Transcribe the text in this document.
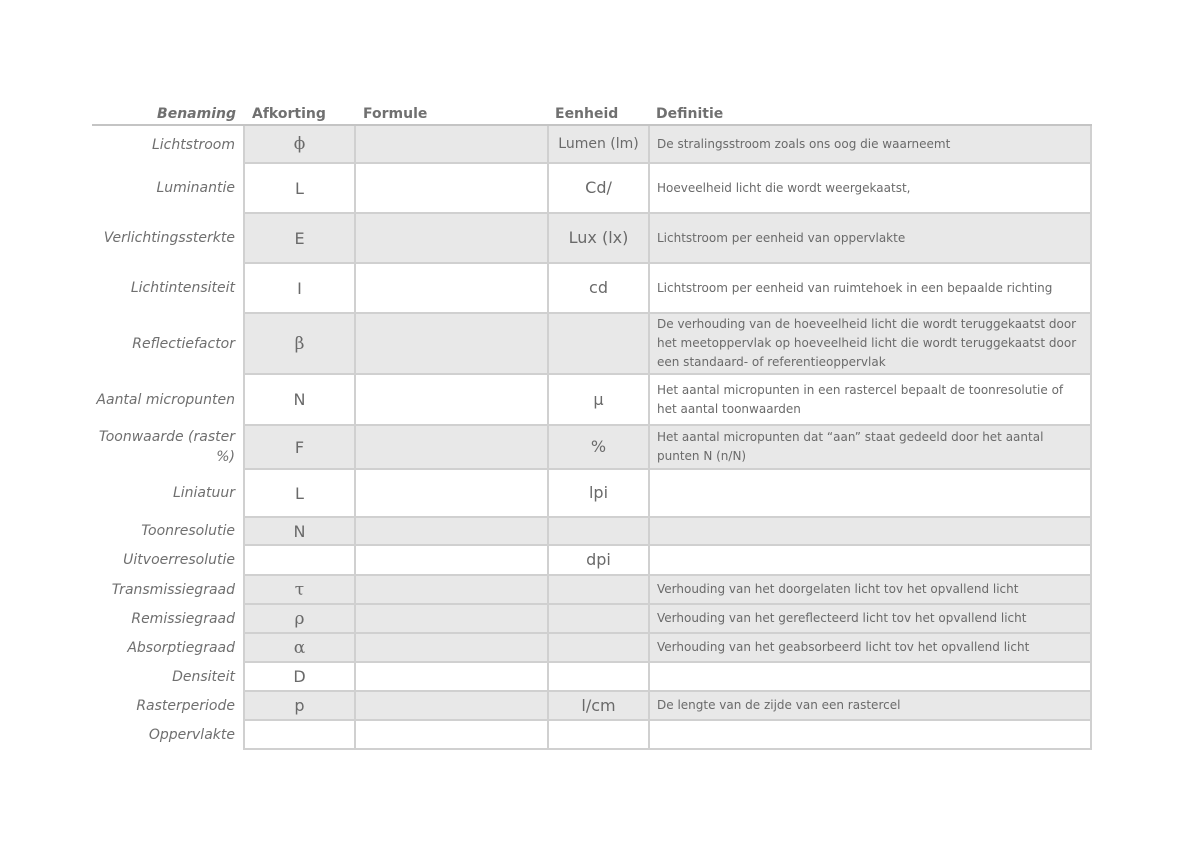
Benaming	Afkorting	Formule	Eenheid	Definitie
Lichtstroom	ϕ		Lumen (lm)	De stralingsstroom zoals ons oog die waarneemt
Luminantie	L		Cd/	Hoeveelheid licht die wordt weergekaatst,
Verlichtingssterkte	E		Lux (lx)	Lichtstroom per eenheid van oppervlakte
Lichtintensiteit	I		cd	Lichtstroom per eenheid van ruimtehoek in een bepaalde richting
Reflectiefactor	β			De verhouding van de hoeveelheid licht die wordt teruggekaatst door het meetoppervlak op hoeveelheid licht die wordt teruggekaatst door een standaard- of referentieoppervlak
Aantal micropunten	N		μ	Het aantal micropunten in een rastercel bepaalt de toonresolutie of het aantal toonwaarden
Toonwaarde (raster %)	F		%	Het aantal micropunten dat “aan” staat gedeeld door het aantal punten N (n/N)
Liniatuur	L		lpi	
Toonresolutie	N			
Uitvoerresolutie			dpi	
Transmissiegraad	τ			Verhouding van het doorgelaten licht tov het opvallend licht
Remissiegraad	ρ			Verhouding van het gereflecteerd licht tov het opvallend licht
Absorptiegraad	α			Verhouding van het geabsorbeerd licht tov het opvallend licht
Densiteit	D			
Rasterperiode	p		l/cm	De lengte van de zijde van een rastercel
Oppervlakte				
